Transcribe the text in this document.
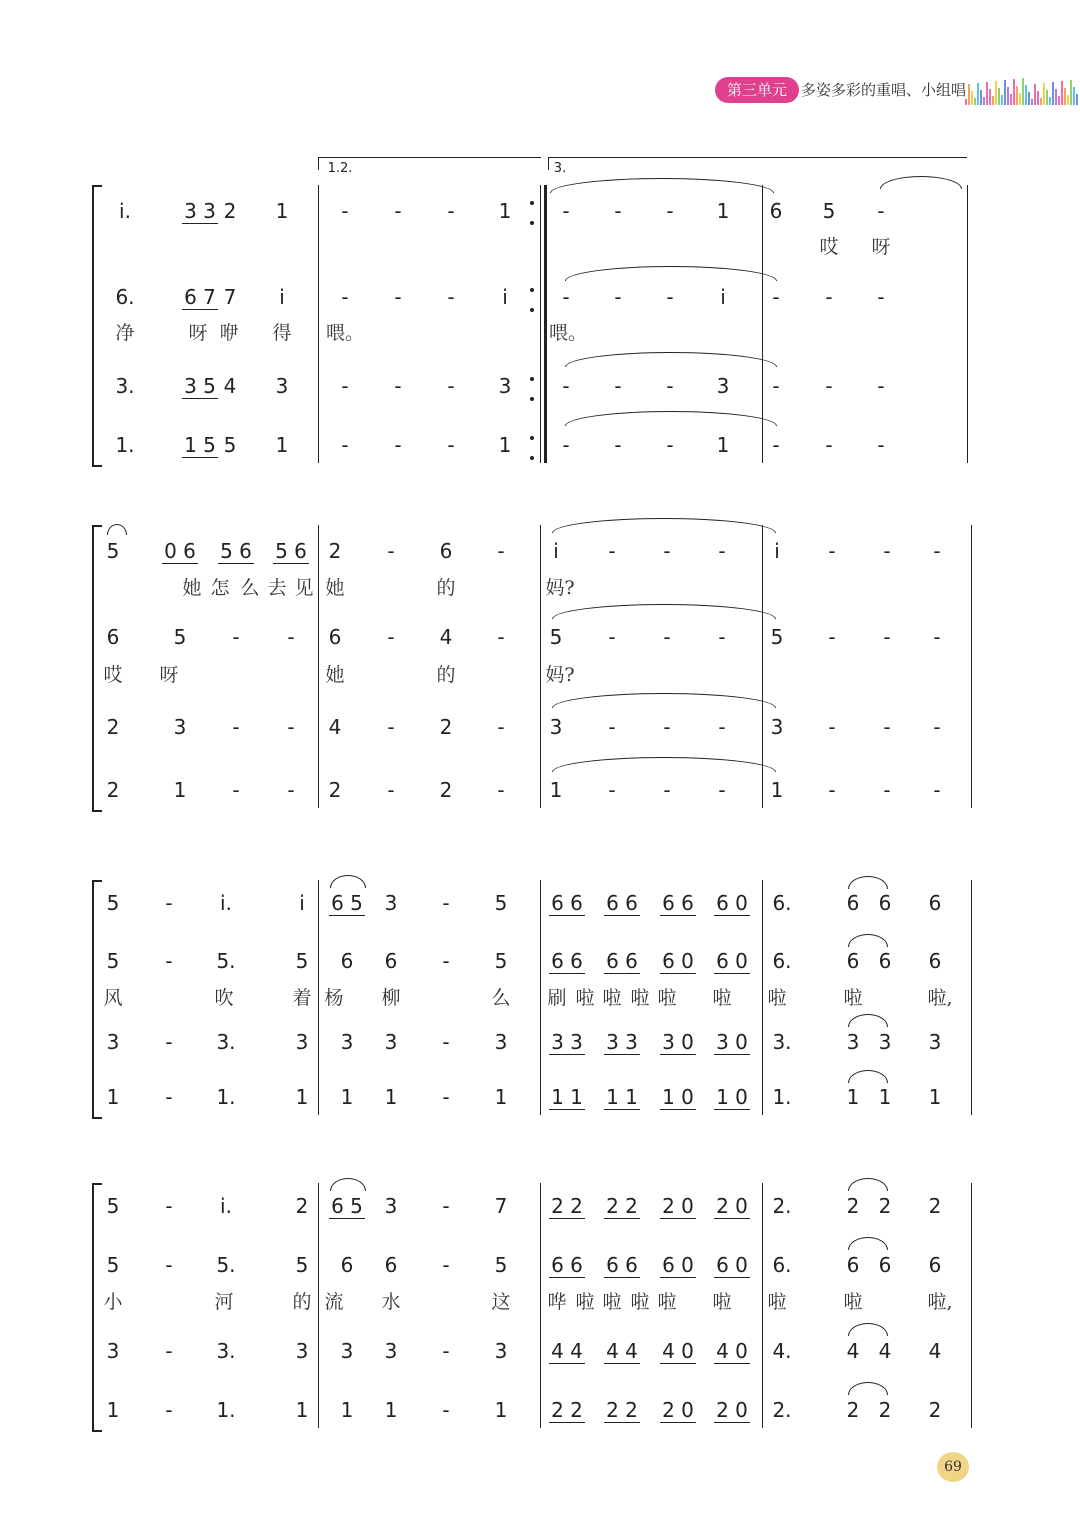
第三单元 多姿多彩的重唱、小组唱
i.	3 3 2 1	- - - 1	- - - 1 6 5 -
哎 呀
6. 6 7 7 i	- - - i	- - - i - - -
净	呀 咿 得 喂。	喂。
3. 3 5 4 3	- - - 3	- - - 3 - - -
1. 1 5 5 1	- - - 1	- - - 1 - - -
5 0 6 5 6 5 6 2 - 6 - i - - - i - - -
她 怎 么 去 见 她	的	妈?
6	5 - - 6 - 4 - 5 - - - 5 - - -
哎 呀	她	的	妈?
2	3 - - 4 - 2 - 3 - - - 3 - - -
2	1 - - 2 - 2 - 1 - - - 1 - - -
5 - i.	i 6 5 3 - 5 6 6 6 6 6 6 6 0 6.	6 6 6
5 - 5.	5 6 6 - 5 6 6 6 6 6 0 6 0 6.	6 6 6
风	吹	着 杨 柳	么 刷 啦 啦 啦 啦 啦 啦	啦	啦,
3 - 3.	3 3 3 - 3 3 3 3 3 3 0 3 0 3.	3 3 3
1 - 1.	1 1 1 - 1 1 1 1 1 1 0 1 0 1.	1 1 1
5 - i.	2 6 5 3 - 7 2 2 2 2 2 0 2 0 2.	2 2 2
5 - 5.	5 6 6 - 5 6 6 6 6 6 0 6 0 6.	6 6 6
小	河	的 流 水	这 哗 啦 啦 啦 啦 啦 啦	啦	啦,
3 - 3.	3 3 3 - 3 4 4 4 4 4 0 4 0 4.	4 4 4
1 - 1.	1 1 1 - 1 2 2 2 2 2 0 2 0 2.	2 2 2
1.2.	3.
69
